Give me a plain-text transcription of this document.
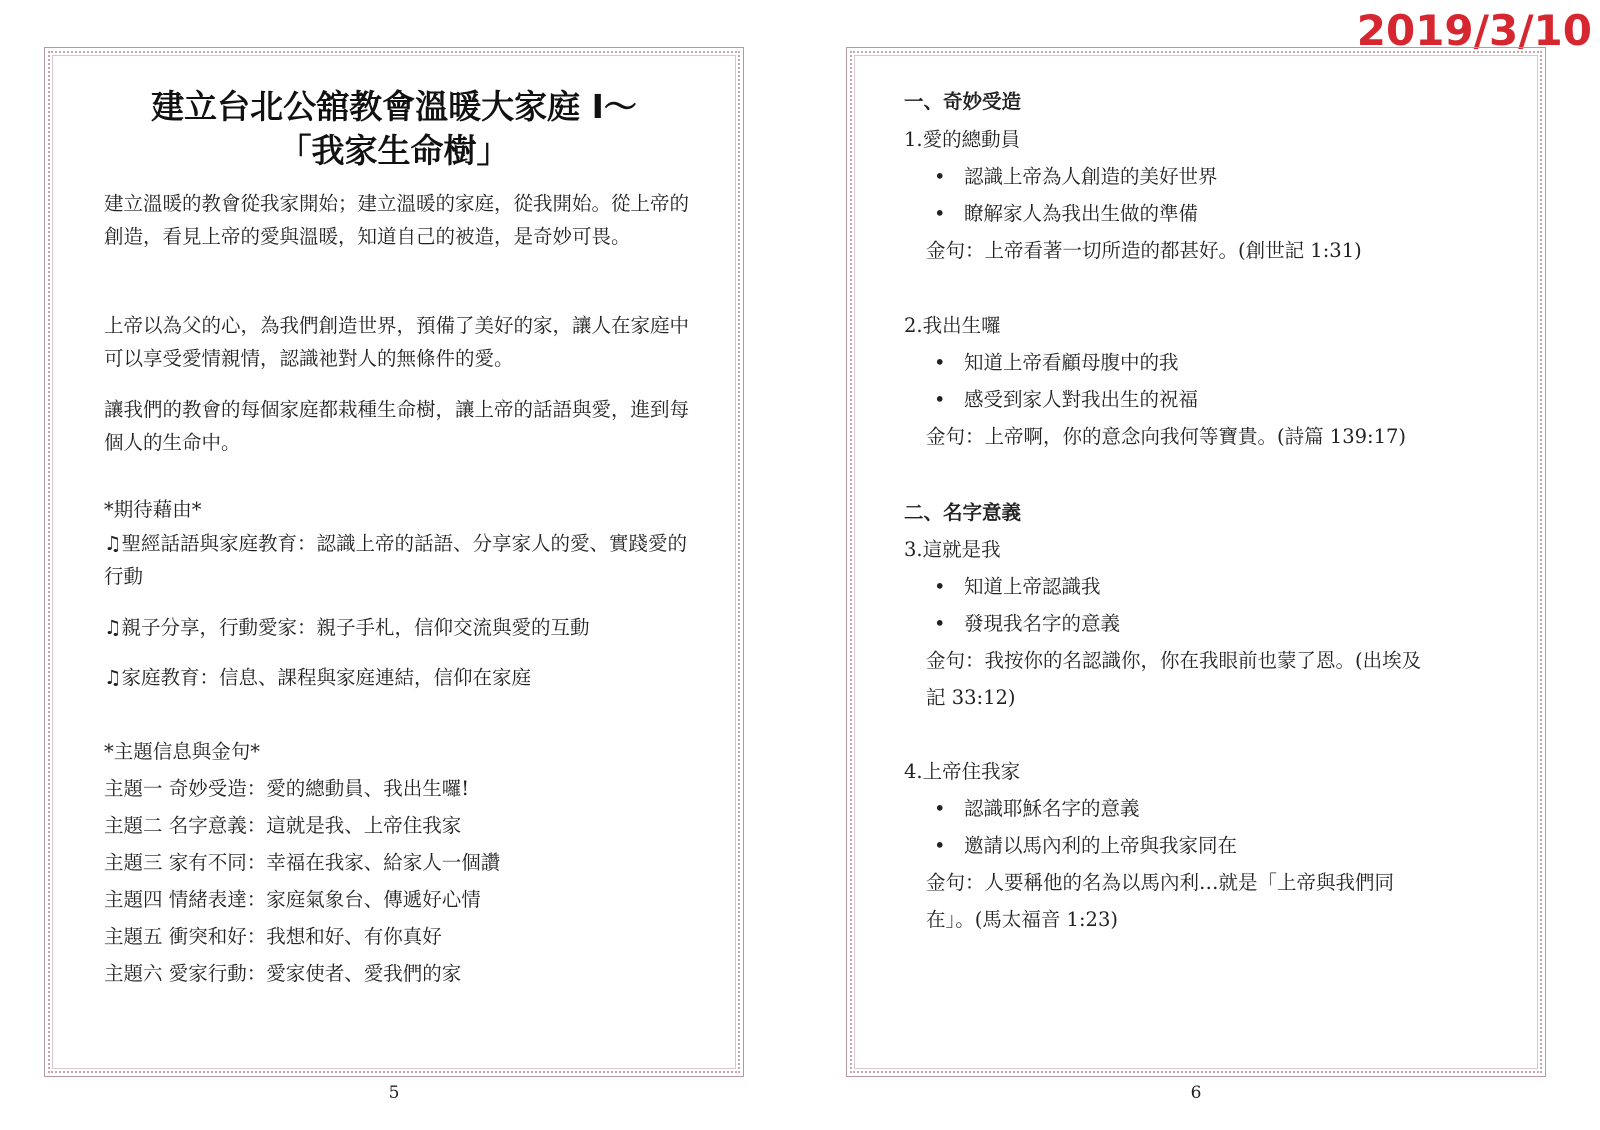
2019/3/10
建立台北公舘教會溫暖大家庭 I～
「我家生命樹」

建立溫暖的教會從我家開始；建立溫暖的家庭，從我開始。從上帝的創造，看見上帝的愛與溫暖，知道自己的被造，是奇妙可畏。

上帝以為父的心，為我們創造世界，預備了美好的家，讓人在家庭中可以享受愛情親情，認識祂對人的無條件的愛。

讓我們的教會的每個家庭都栽種生命樹，讓上帝的話語與愛，進到每個人的生命中。

*期待藉由*

♫聖經話語與家庭教育：認識上帝的話語、分享家人的愛、實踐愛的行動

♫親子分享，行動愛家：親子手札，信仰交流與愛的互動
♫家庭教育：信息、課程與家庭連結，信仰在家庭
*主題信息與金句*
主題一 奇妙受造：愛的總動員、我出生囉!
主題二 名字意義：這就是我、上帝住我家
主題三 家有不同：幸福在我家、給家人一個讚
主題四 情緒表達：家庭氣象台、傳遞好心情
主題五 衝突和好：我想和好、有你真好
主題六 愛家行動：愛家使者、愛我們的家
5
一、奇妙受造
1.愛的總動員
• 認識上帝為人創造的美好世界
• 瞭解家人為我出生做的準備
金句：上帝看著一切所造的都甚好。(創世記 1:31)
2.我出生囉
• 知道上帝看顧母腹中的我
• 感受到家人對我出生的祝福
金句：上帝啊，你的意念向我何等寶貴。(詩篇 139:17)
二、名字意義
3.這就是我
• 知道上帝認識我
• 發現我名字的意義
金句：我按你的名認識你，你在我眼前也蒙了恩。(出埃及
記 33:12)
4.上帝住我家
• 認識耶穌名字的意義
• 邀請以馬內利的上帝與我家同在
金句：人要稱他的名為以馬內利…就是「上帝與我們同
在」。(馬太福音 1:23)
6
